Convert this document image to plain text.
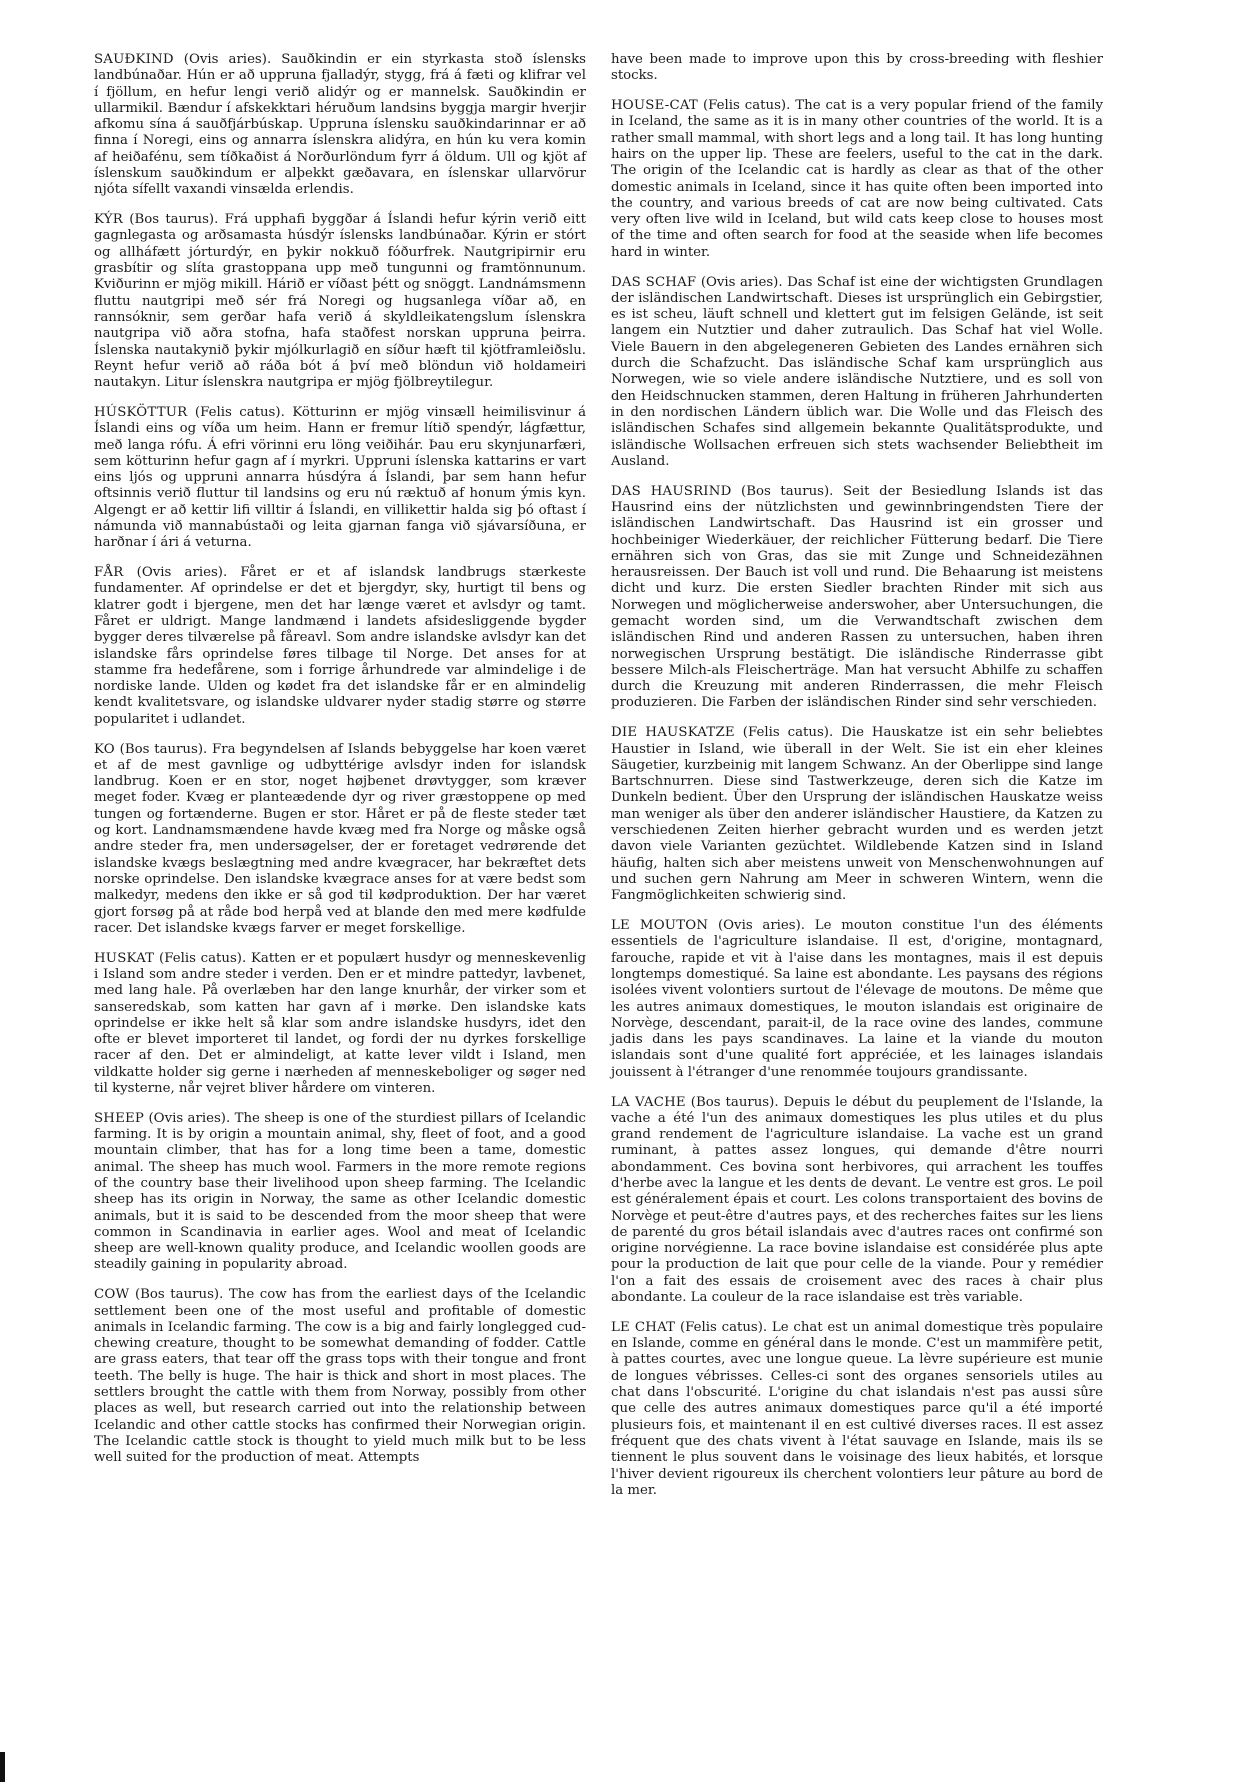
SAUÐKIND (Ovis aries). Sauðkindin er ein styrkasta stoð íslensks landbúnaðar. Hún er að uppruna fjalladýr, stygg, frá á fæti og klifrar vel í fjöllum, en hefur lengi verið alidýr og er mannelsk. Sauðkindin er ullarmikil. Bændur í afskekktari héruðum landsins byggja margir hverjir afkomu sína á sauðfjárbúskap. Uppruna íslensku sauðkindarinnar er að finna í Noregi, eins og annarra íslenskra alidýra, en hún ku vera komin af heiðafénu, sem tíðkaðist á Norðurlöndum fyrr á öldum. Ull og kjöt af íslenskum sauðkindum er alþekkt gæðavara, en íslenskar ullarvörur njóta sífellt vaxandi vinsælda erlendis.

KÝR (Bos taurus). Frá upphafi byggðar á Íslandi hefur kýrin verið eitt gagnlegasta og arðsamasta húsdýr íslensks landbúnaðar. Kýrin er stórt og allháfætt jórturdýr, en þykir nokkuð fóðurfrek. Nautgripirnir eru grasbítir og slíta grastoppana upp með tungunni og framtönnunum. Kviðurinn er mjög mikill. Hárið er víðast þétt og snöggt. Landnámsmenn fluttu nautgripi með sér frá Noregi og hugsanlega víðar að, en rannsóknir, sem gerðar hafa verið á skyldleikatengslum íslenskra nautgripa við aðra stofna, hafa staðfest norskan uppruna þeirra. Íslenska nautakynið þykir mjólkurlagið en síður hæft til kjötframleiðslu. Reynt hefur verið að ráða bót á því með blöndun við holdameiri nautakyn. Litur íslenskra nautgripa er mjög fjölbreytilegur.

HÚSKÖTTUR (Felis catus). Kötturinn er mjög vinsæll heimilisvinur á Íslandi eins og víða um heim. Hann er fremur lítið spendýr, lágfættur, með langa rófu. Á efri vörinni eru löng veiðihár. Þau eru skynjunarfæri, sem kötturinn hefur gagn af í myrkri. Uppruni íslenska kattarins er vart eins ljós og uppruni annarra húsdýra á Íslandi, þar sem hann hefur oftsinnis verið fluttur til landsins og eru nú ræktuð af honum ýmis kyn. Algengt er að kettir lifi villtir á Íslandi, en villikettir halda sig þó oftast í námunda við mannabústaði og leita gjarnan fanga við sjávarsíðuna, er harðnar í ári á veturna.

FÅR (Ovis aries). Fåret er et af islandsk landbrugs stærkeste fundamenter. Af oprindelse er det et bjergdyr, sky, hurtigt til bens og klatrer godt i bjergene, men det har længe været et avlsdyr og tamt. Fåret er uldrigt. Mange landmænd i landets afsidesliggende bygder bygger deres tilværelse på fåreavl. Som andre islandske avlsdyr kan det islandske fårs oprindelse føres tilbage til Norge. Det anses for at stamme fra hedefårene, som i forrige århundrede var almindelige i de nordiske lande. Ulden og kødet fra det islandske får er en almindelig kendt kvalitetsvare, og islandske uldvarer nyder stadig større og større popularitet i udlandet.

KO (Bos taurus). Fra begyndelsen af Islands bebyggelse har koen været et af de mest gavnlige og udbyttérige avlsdyr inden for islandsk landbrug. Koen er en stor, noget højbenet drøvtygger, som kræver meget foder. Kvæg er planteædende dyr og river græstoppene op med tungen og fortænderne. Bugen er stor. Håret er på de fleste steder tæt og kort. Landnamsmændene havde kvæg med fra Norge og måske også andre steder fra, men undersøgelser, der er foretaget vedrørende det islandske kvægs beslægtning med andre kvægracer, har bekræftet dets norske oprindelse. Den islandske kvægrace anses for at være bedst som malkedyr, medens den ikke er så god til kødproduktion. Der har været gjort forsøg på at råde bod herpå ved at blande den med mere kødfulde racer. Det islandske kvægs farver er meget forskellige.

HUSKAT (Felis catus). Katten er et populært husdyr og menneskevenlig i Island som andre steder i verden. Den er et mindre pattedyr, lavbenet, med lang hale. På overlæben har den lange knurhår, der virker som et sanseredskab, som katten har gavn af i mørke. Den islandske kats oprindelse er ikke helt så klar som andre islandske husdyrs, idet den ofte er blevet importeret til landet, og fordi der nu dyrkes forskellige racer af den. Det er almindeligt, at katte lever vildt i Island, men vildkatte holder sig gerne i nærheden af menneskeboliger og søger ned til kysterne, når vejret bliver hårdere om vinteren.

SHEEP (Ovis aries). The sheep is one of the sturdiest pillars of Icelandic farming. It is by origin a mountain animal, shy, fleet of foot, and a good mountain climber, that has for a long time been a tame, domestic animal. The sheep has much wool. Farmers in the more remote regions of the country base their livelihood upon sheep farming. The Icelandic sheep has its origin in Norway, the same as other Icelandic domestic animals, but it is said to be descended from the moor sheep that were common in Scandinavia in earlier ages. Wool and meat of Icelandic sheep are well-known quality produce, and Icelandic woollen goods are steadily gaining in popularity abroad.

COW (Bos taurus). The cow has from the earliest days of the Icelandic settlement been one of the most useful and profitable of domestic animals in Icelandic farming. The cow is a big and fairly longlegged cud-chewing creature, thought to be somewhat demanding of fodder. Cattle are grass eaters, that tear off the grass tops with their tongue and front teeth. The belly is huge. The hair is thick and short in most places. The settlers brought the cattle with them from Norway, possibly from other places as well, but research carried out into the relationship between Icelandic and other cattle stocks has confirmed their Norwegian origin. The Icelandic cattle stock is thought to yield much milk but to be less well suited for the production of meat. Attempts

have been made to improve upon this by cross-breeding with fleshier stocks.

HOUSE-CAT (Felis catus). The cat is a very popular friend of the family in Iceland, the same as it is in many other countries of the world. It is a rather small mammal, with short legs and a long tail. It has long hunting hairs on the upper lip. These are feelers, useful to the cat in the dark. The origin of the Icelandic cat is hardly as clear as that of the other domestic animals in Iceland, since it has quite often been imported into the country, and various breeds of cat are now being cultivated. Cats very often live wild in Iceland, but wild cats keep close to houses most of the time and often search for food at the seaside when life becomes hard in winter.

DAS SCHAF (Ovis aries). Das Schaf ist eine der wichtigsten Grundlagen der isländischen Landwirtschaft. Dieses ist ursprünglich ein Gebirgstier, es ist scheu, läuft schnell und klettert gut im felsigen Gelände, ist seit langem ein Nutztier und daher zutraulich. Das Schaf hat viel Wolle. Viele Bauern in den abgelegeneren Gebieten des Landes ernähren sich durch die Schafzucht. Das isländische Schaf kam ursprünglich aus Norwegen, wie so viele andere isländische Nutztiere, und es soll von den Heidschnucken stammen, deren Haltung in früheren Jahrhunderten in den nordischen Ländern üblich war. Die Wolle und das Fleisch des isländischen Schafes sind allgemein bekannte Qualitätsprodukte, und isländische Wollsachen erfreuen sich stets wachsender Beliebtheit im Ausland.

DAS HAUSRIND (Bos taurus). Seit der Besiedlung Islands ist das Hausrind eins der nützlichsten und gewinnbringendsten Tiere der isländischen Landwirtschaft. Das Hausrind ist ein grosser und hochbeiniger Wiederkäuer, der reichlicher Fütterung bedarf. Die Tiere ernähren sich von Gras, das sie mit Zunge und Schneidezähnen herausreissen. Der Bauch ist voll und rund. Die Behaarung ist meistens dicht und kurz. Die ersten Siedler brachten Rinder mit sich aus Norwegen und möglicherweise anderswoher, aber Untersuchungen, die gemacht worden sind, um die Verwandtschaft zwischen dem isländischen Rind und anderen Rassen zu untersuchen, haben ihren norwegischen Ursprung bestätigt. Die isländische Rinderrasse gibt bessere Milch-als Fleischerträge. Man hat versucht Abhilfe zu schaffen durch die Kreuzung mit anderen Rinderrassen, die mehr Fleisch produzieren. Die Farben der isländischen Rinder sind sehr verschieden.

DIE HAUSKATZE (Felis catus). Die Hauskatze ist ein sehr beliebtes Haustier in Island, wie überall in der Welt. Sie ist ein eher kleines Säugetier, kurzbeinig mit langem Schwanz. An der Oberlippe sind lange Bartschnurren. Diese sind Tastwerkzeuge, deren sich die Katze im Dunkeln bedient. Über den Ursprung der isländischen Hauskatze weiss man weniger als über den anderer isländischer Haustiere, da Katzen zu verschiedenen Zeiten hierher gebracht wurden und es werden jetzt davon viele Varianten gezüchtet. Wildlebende Katzen sind in Island häufig, halten sich aber meistens unweit von Menschenwohnungen auf und suchen gern Nahrung am Meer in schweren Wintern, wenn die Fangmöglichkeiten schwierig sind.

LE MOUTON (Ovis aries). Le mouton constitue l'un des éléments essentiels de l'agriculture islandaise. Il est, d'origine, montagnard, farouche, rapide et vit à l'aise dans les montagnes, mais il est depuis longtemps domestiqué. Sa laine est abondante. Les paysans des régions isolées vivent volontiers surtout de l'élevage de moutons. De même que les autres animaux domestiques, le mouton islandais est originaire de Norvège, descendant, parait-il, de la race ovine des landes, commune jadis dans les pays scandinaves. La laine et la viande du mouton islandais sont d'une qualité fort appréciée, et les lainages islandais jouissent à l'étranger d'une renommée toujours grandissante.

LA VACHE (Bos taurus). Depuis le début du peuplement de l'Islande, la vache a été l'un des animaux domestiques les plus utiles et du plus grand rendement de l'agriculture islandaise. La vache est un grand ruminant, à pattes assez longues, qui demande d'être nourri abondamment. Ces bovina sont herbivores, qui arrachent les touffes d'herbe avec la langue et les dents de devant. Le ventre est gros. Le poil est généralement épais et court. Les colons transportaient des bovins de Norvège et peut-être d'autres pays, et des recherches faites sur les liens de parenté du gros bétail islandais avec d'autres races ont confirmé son origine norvégienne. La race bovine islandaise est considérée plus apte pour la production de lait que pour celle de la viande. Pour y remédier l'on a fait des essais de croisement avec des races à chair plus abondante. La couleur de la race islandaise est très variable.

LE CHAT (Felis catus). Le chat est un animal domestique très populaire en Islande, comme en général dans le monde. C'est un mammifère petit, à pattes courtes, avec une longue queue. La lèvre supérieure est munie de longues vébrisses. Celles-ci sont des organes sensoriels utiles au chat dans l'obscurité. L'origine du chat islandais n'est pas aussi sûre que celle des autres animaux domestiques parce qu'il a été importé plusieurs fois, et maintenant il en est cultivé diverses races. Il est assez fréquent que des chats vivent à l'état sauvage en Islande, mais ils se tiennent le plus souvent dans le voisinage des lieux habités, et lorsque l'hiver devient rigoureux ils cherchent volontiers leur pâture au bord de la mer.
